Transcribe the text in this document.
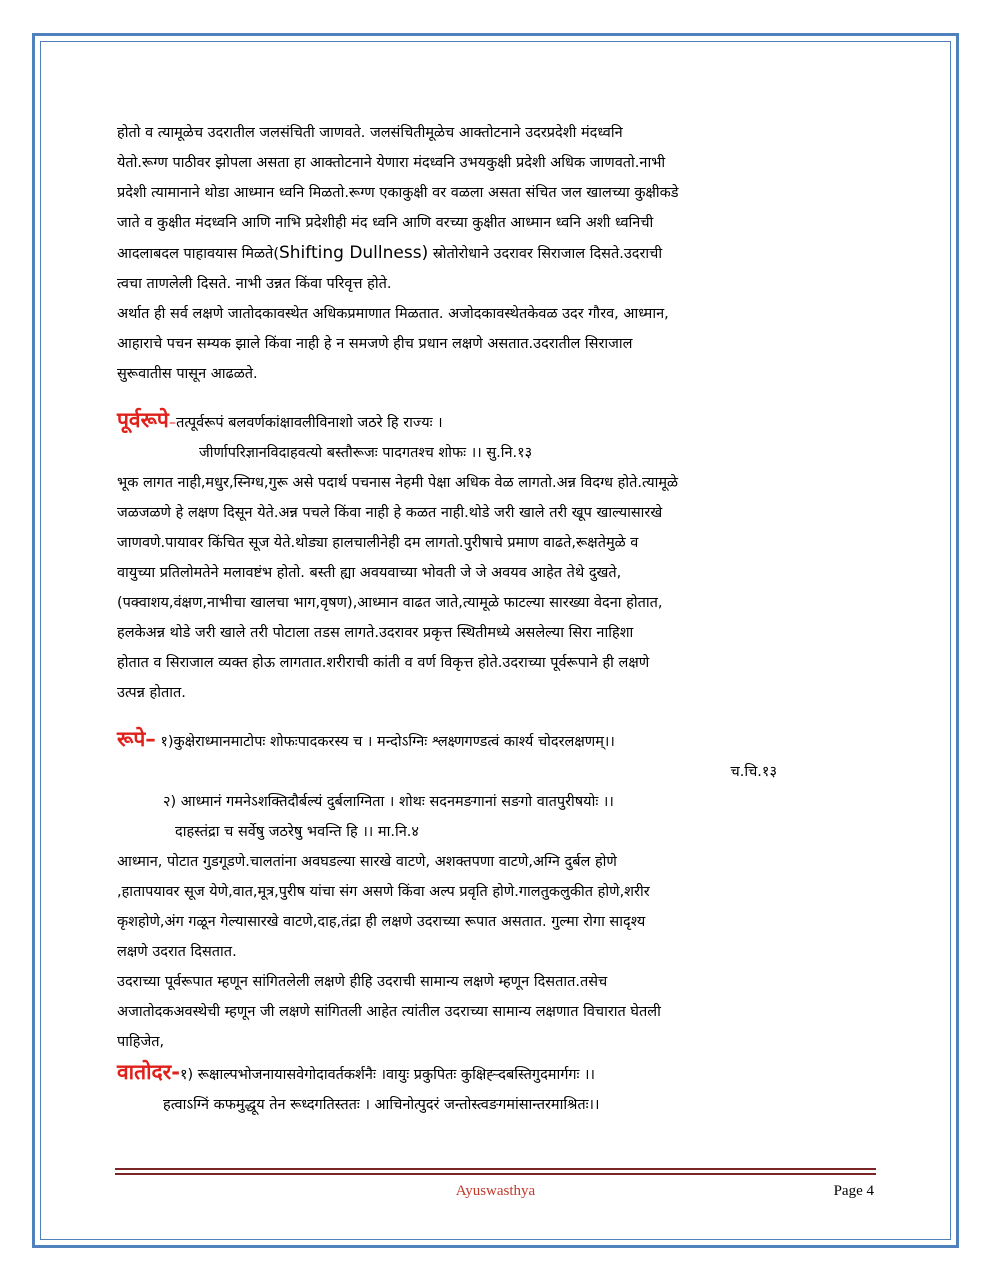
होतो व त्यामूळेच उदरातील जलसंचिती जाणवते. जलसंचितीमूळेच आक्तोटनाने उदरप्रदेशी मंदध्वनि

येतो.रूग्ण पाठीवर झोपला असता हा आक्तोटनाने येणारा मंदध्वनि उभयकुक्षी प्रदेशी अधिक जाणवतो.नाभी

प्रदेशी त्यामानाने थोडा आध्मान ध्वनि मिळतो.रूग्ण एकाकुक्षी वर वळला असता संचित जल खालच्या कुक्षीकडे

जाते व कुक्षीत मंदध्वनि आणि नाभि प्रदेशीही मंद ध्वनि आणि वरच्या कुक्षीत आध्मान ध्वनि अशी ध्वनिची

आदलाबदल पाहावयास मिळते(Shifting Dullness) स्रोतोरोधाने उदरावर सिराजाल दिसते.उदराची

त्वचा ताणलेली दिसते. नाभी उन्नत किंवा परिवृत्त होते.

अर्थात ही सर्व लक्षणे जातोदकावस्थेत अधिकप्रमाणात मिळतात. अजोदकावस्थेतकेवळ उदर गौरव, आध्मान,

आहाराचे पचन सम्यक झाले किंवा नाही हे न समजणे हीच प्रधान लक्षणे असतात.उदरातील सिराजाल

सुरूवातीस पासून आढळते.

पूर्वरूपे–तत्पूर्वरूपं बलवर्णकांक्षावलीविनाशो जठरे हि राज्यः ।

जीर्णापरिज्ञानविदाहवत्यो बस्तौरूजः पादगतश्च शोफः ।। सु.नि.१३

भूक लागत नाही,मधुर,स्निग्ध,गुरू असे पदार्थ पचनास नेहमी पेक्षा अधिक वेळ लागतो.अन्न विदग्ध होते.त्यामूळे

जळजळणे हे लक्षण दिसून येते.अन्न पचले किंवा नाही हे कळत नाही.थोडे जरी खाले तरी खूप खाल्यासारखे

जाणवणे.पायावर किंचित सूज येते.थोड्या हालचालीनेही दम लागतो.पुरीषाचे प्रमाण वाढते,रूक्षतेमुळे व

वायुच्या प्रतिलोमतेने मलावष्टंभ होतो. बस्ती ह्या अवयवाच्या भोवती जे जे अवयव आहेत तेथे दुखते,

(पक्वाशय,वंक्षण,नाभीचा खालचा भाग,वृषण),आध्मान वाढत जाते,त्यामूळे फाटल्या सारख्या वेदना होतात,

हलकेअन्न थोडे जरी खाले तरी पोटाला तडस लागते.उदरावर प्रकृत्त स्थितीमध्ये असलेल्या सिरा नाहिशा

होतात व सिराजाल व्यक्त होऊ लागतात.शरीराची कांती व वर्ण विकृत्त होते.उदराच्या पूर्वरूपाने ही लक्षणे

उत्पन्न होतात.

रूपे– १)कुक्षेराध्मानमाटोपः शोफःपादकरस्य च । मन्दोऽग्निः श्लक्ष्णगण्डत्वं कार्श्य चोदरलक्षणम्।।

च.चि.१३

२) आध्मानं गमनेऽशक्तिदौर्बल्यं दुर्बलाग्निता । शोथः सदनमङगानां सङगो वातपुरीषयोः ।।

दाहस्तंद्रा च सर्वेषु जठरेषु भवन्ति हि ।। मा.नि.४

आध्मान, पोटात गुडगूडणे.चालतांना अवघडल्या सारखे वाटणे, अशक्तपणा वाटणे,अग्नि दुर्बल होणे

,हातापयावर सूज येणे,वात,मूत्र,पुरीष यांचा संग असणे किंवा अल्प प्रवृति होणे.गालतुकलुकीत होणे,शरीर

कृशहोणे,अंग गळून गेल्यासारखे वाटणे,दाह,तंद्रा ही लक्षणे उदराच्या रूपात असतात. गुल्मा रोगा सादृश्य

लक्षणे उदरात दिसतात.

उदराच्या पूर्वरूपात म्हणून सांगितलेली लक्षणे हीहि उदराची सामान्य लक्षणे म्हणून दिसतात.तसेच

अजातोदकअवस्थेची म्हणून जी लक्षणे सांगितली आहेत त्यांतील उदराच्या सामान्य लक्षणात विचारात घेतली

पाहिजेत,

वातोदर-१) रूक्षाल्पभोजनायासवेगोदावर्तकर्शनैः ।वायुः प्रकुपितः कुक्षिह्ऱ्दबस्तिगुदमार्गगः ।।

हत्वाऽग्निं कफमुद्धूय तेन रूध्दगतिस्ततः । आचिनोत्पुदरं जन्तोस्त्वङगमांसान्तरमाश्रितः।।

Ayuswasthya	Page 4
